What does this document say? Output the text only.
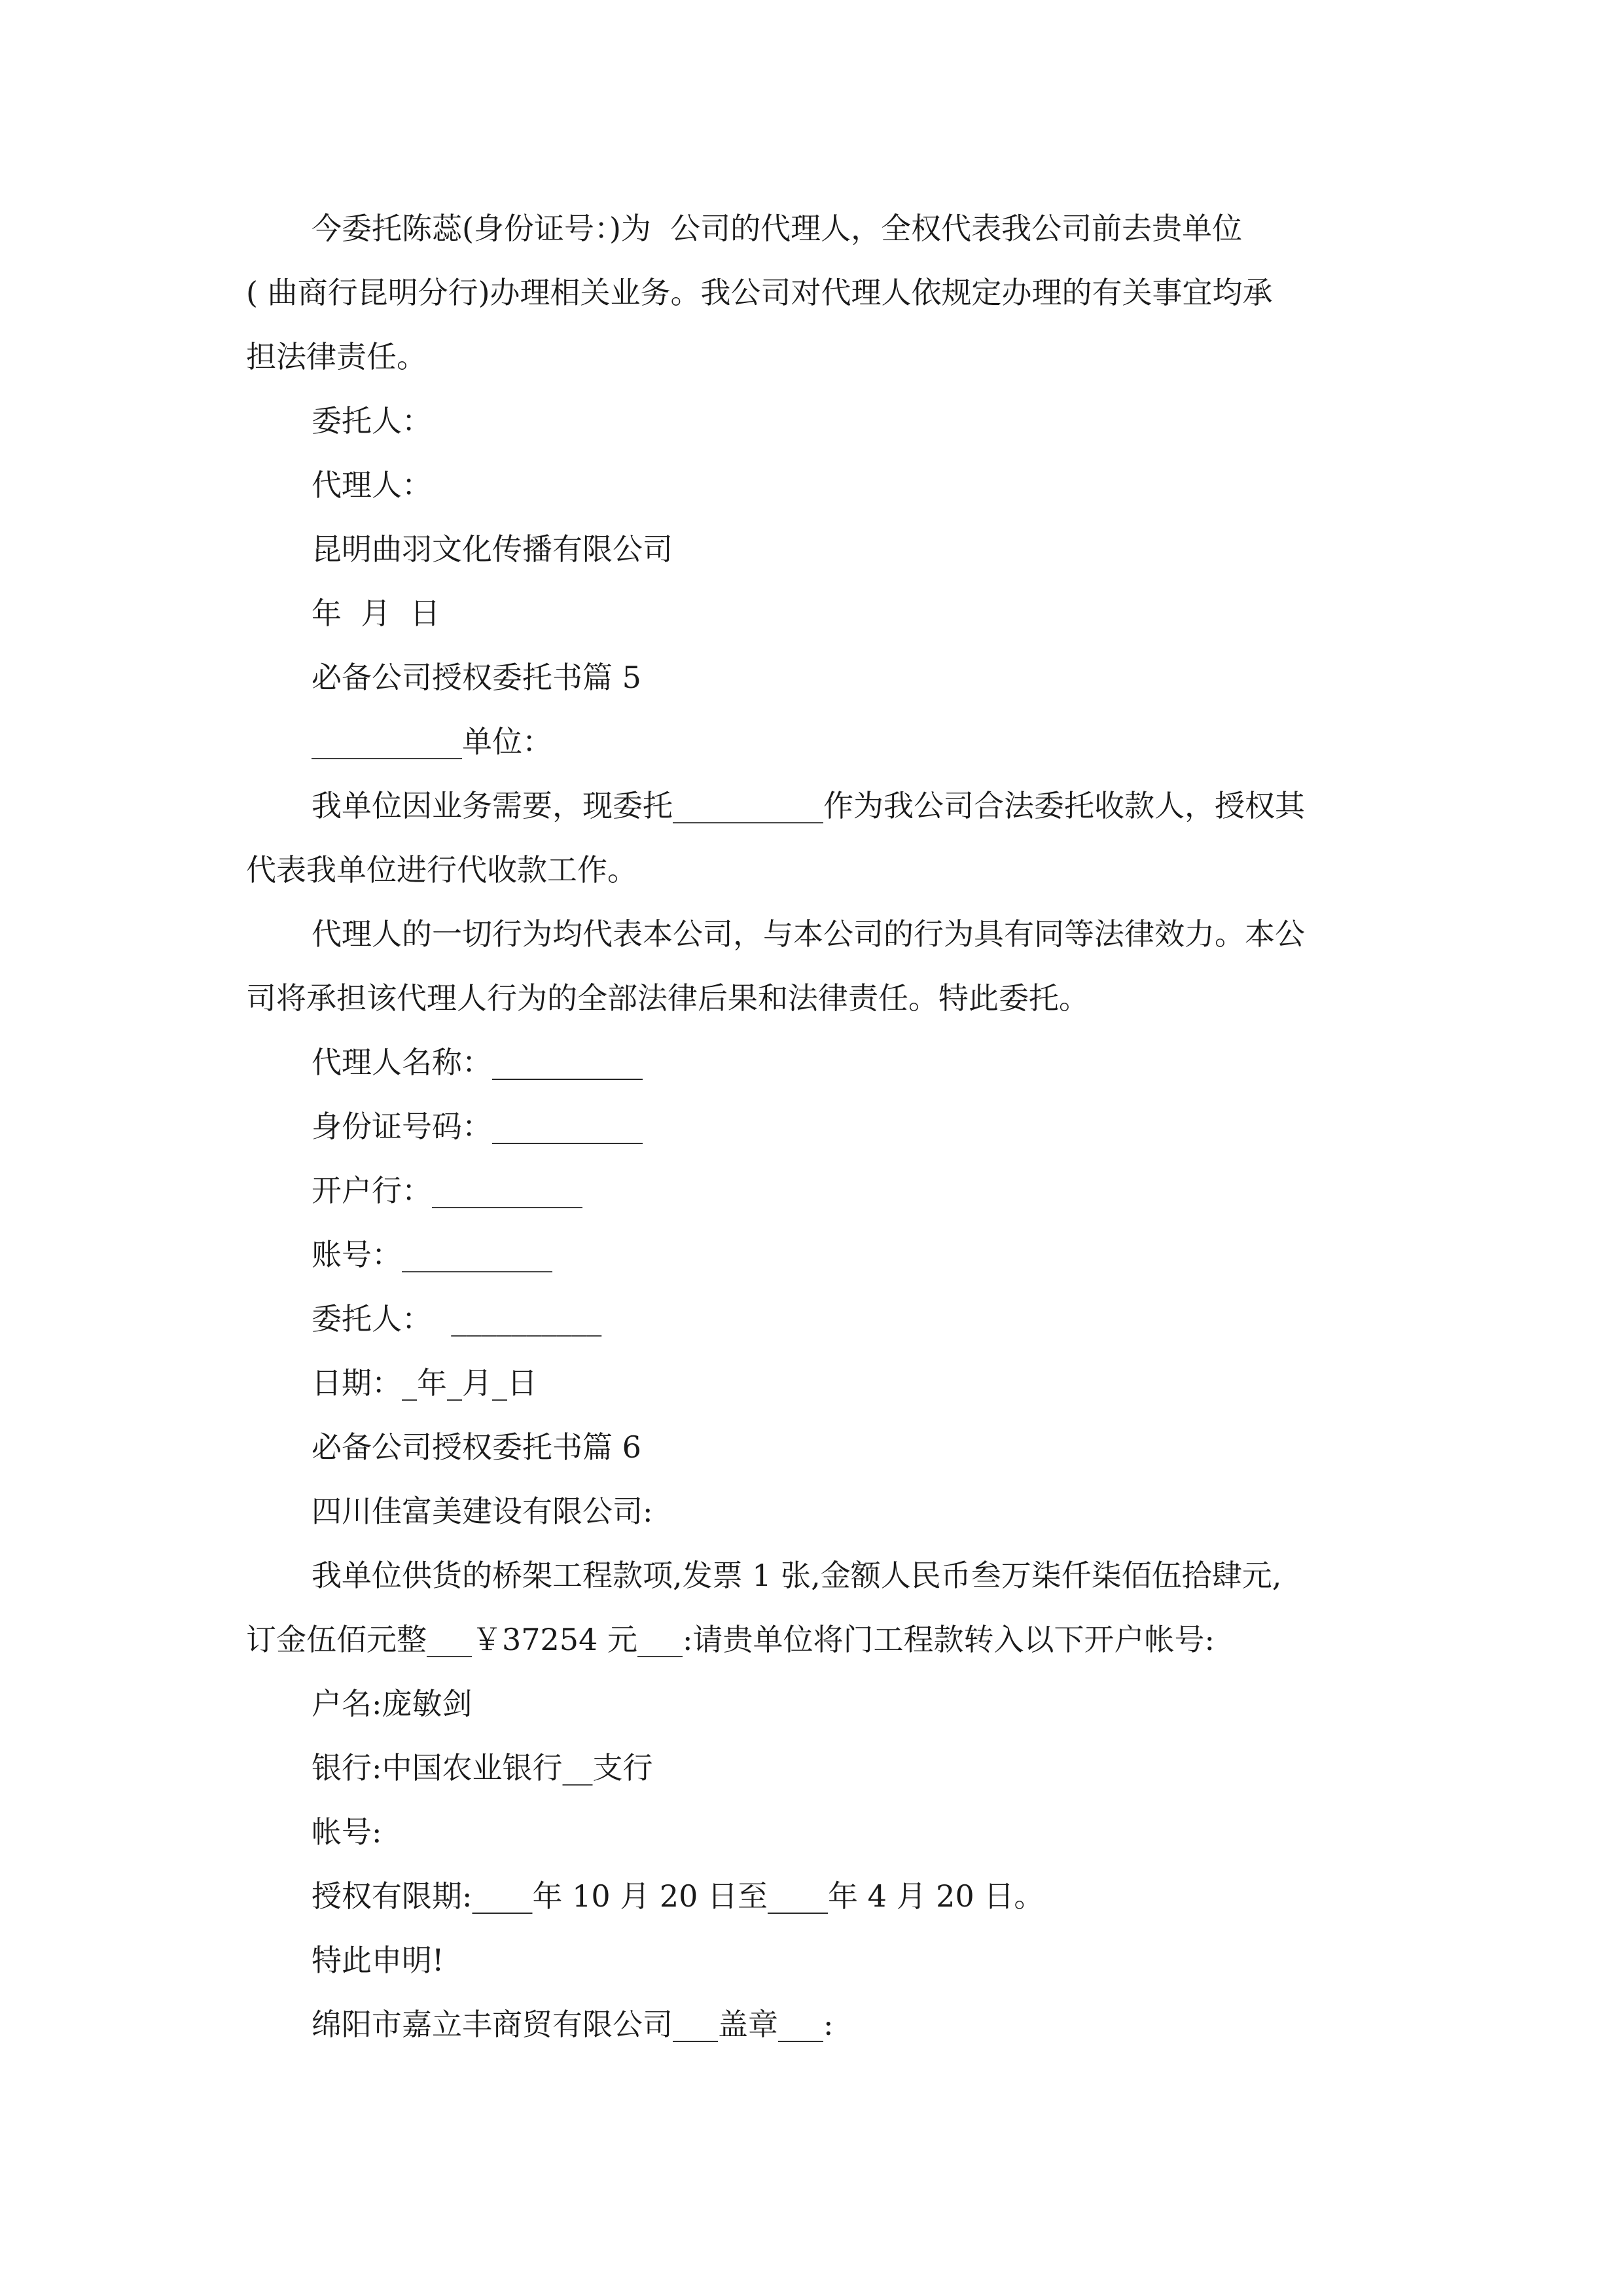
今委托陈蕊(身份证号：)为  公司的代理人，全权代表我公司前去贵单位

( 曲商行昆明分行)办理相关业务。我公司对代理人依规定办理的有关事宜均承

担法律责任。

委托人：

代理人：

昆明曲羽文化传播有限公司

年  月  日

必备公司授权委托书篇 5

__________单位：

我单位因业务需要，现委托__________作为我公司合法委托收款人，授权其

代表我单位进行代收款工作。

代理人的一切行为均代表本公司，与本公司的行为具有同等法律效力。本公

司将承担该代理人行为的全部法律后果和法律责任。特此委托。

代理人名称：__________

身份证号码：__________

开户行：__________

账号：__________

委托人：  __________

日期：_年_月_日

必备公司授权委托书篇 6

四川佳富美建设有限公司:

我单位供货的桥架工程款项,发票 1 张,金额人民币叁万柒仟柒佰伍拾肆元,

订金伍佰元整___￥37254 元___:请贵单位将门工程款转入以下开户帐号:

户名:庞敏剑

银行:中国农业银行__支行

帐号:

授权有限期:____年 10 月 20 日至____年 4 月 20 日。

特此申明!

绵阳市嘉立丰商贸有限公司___盖章___:
